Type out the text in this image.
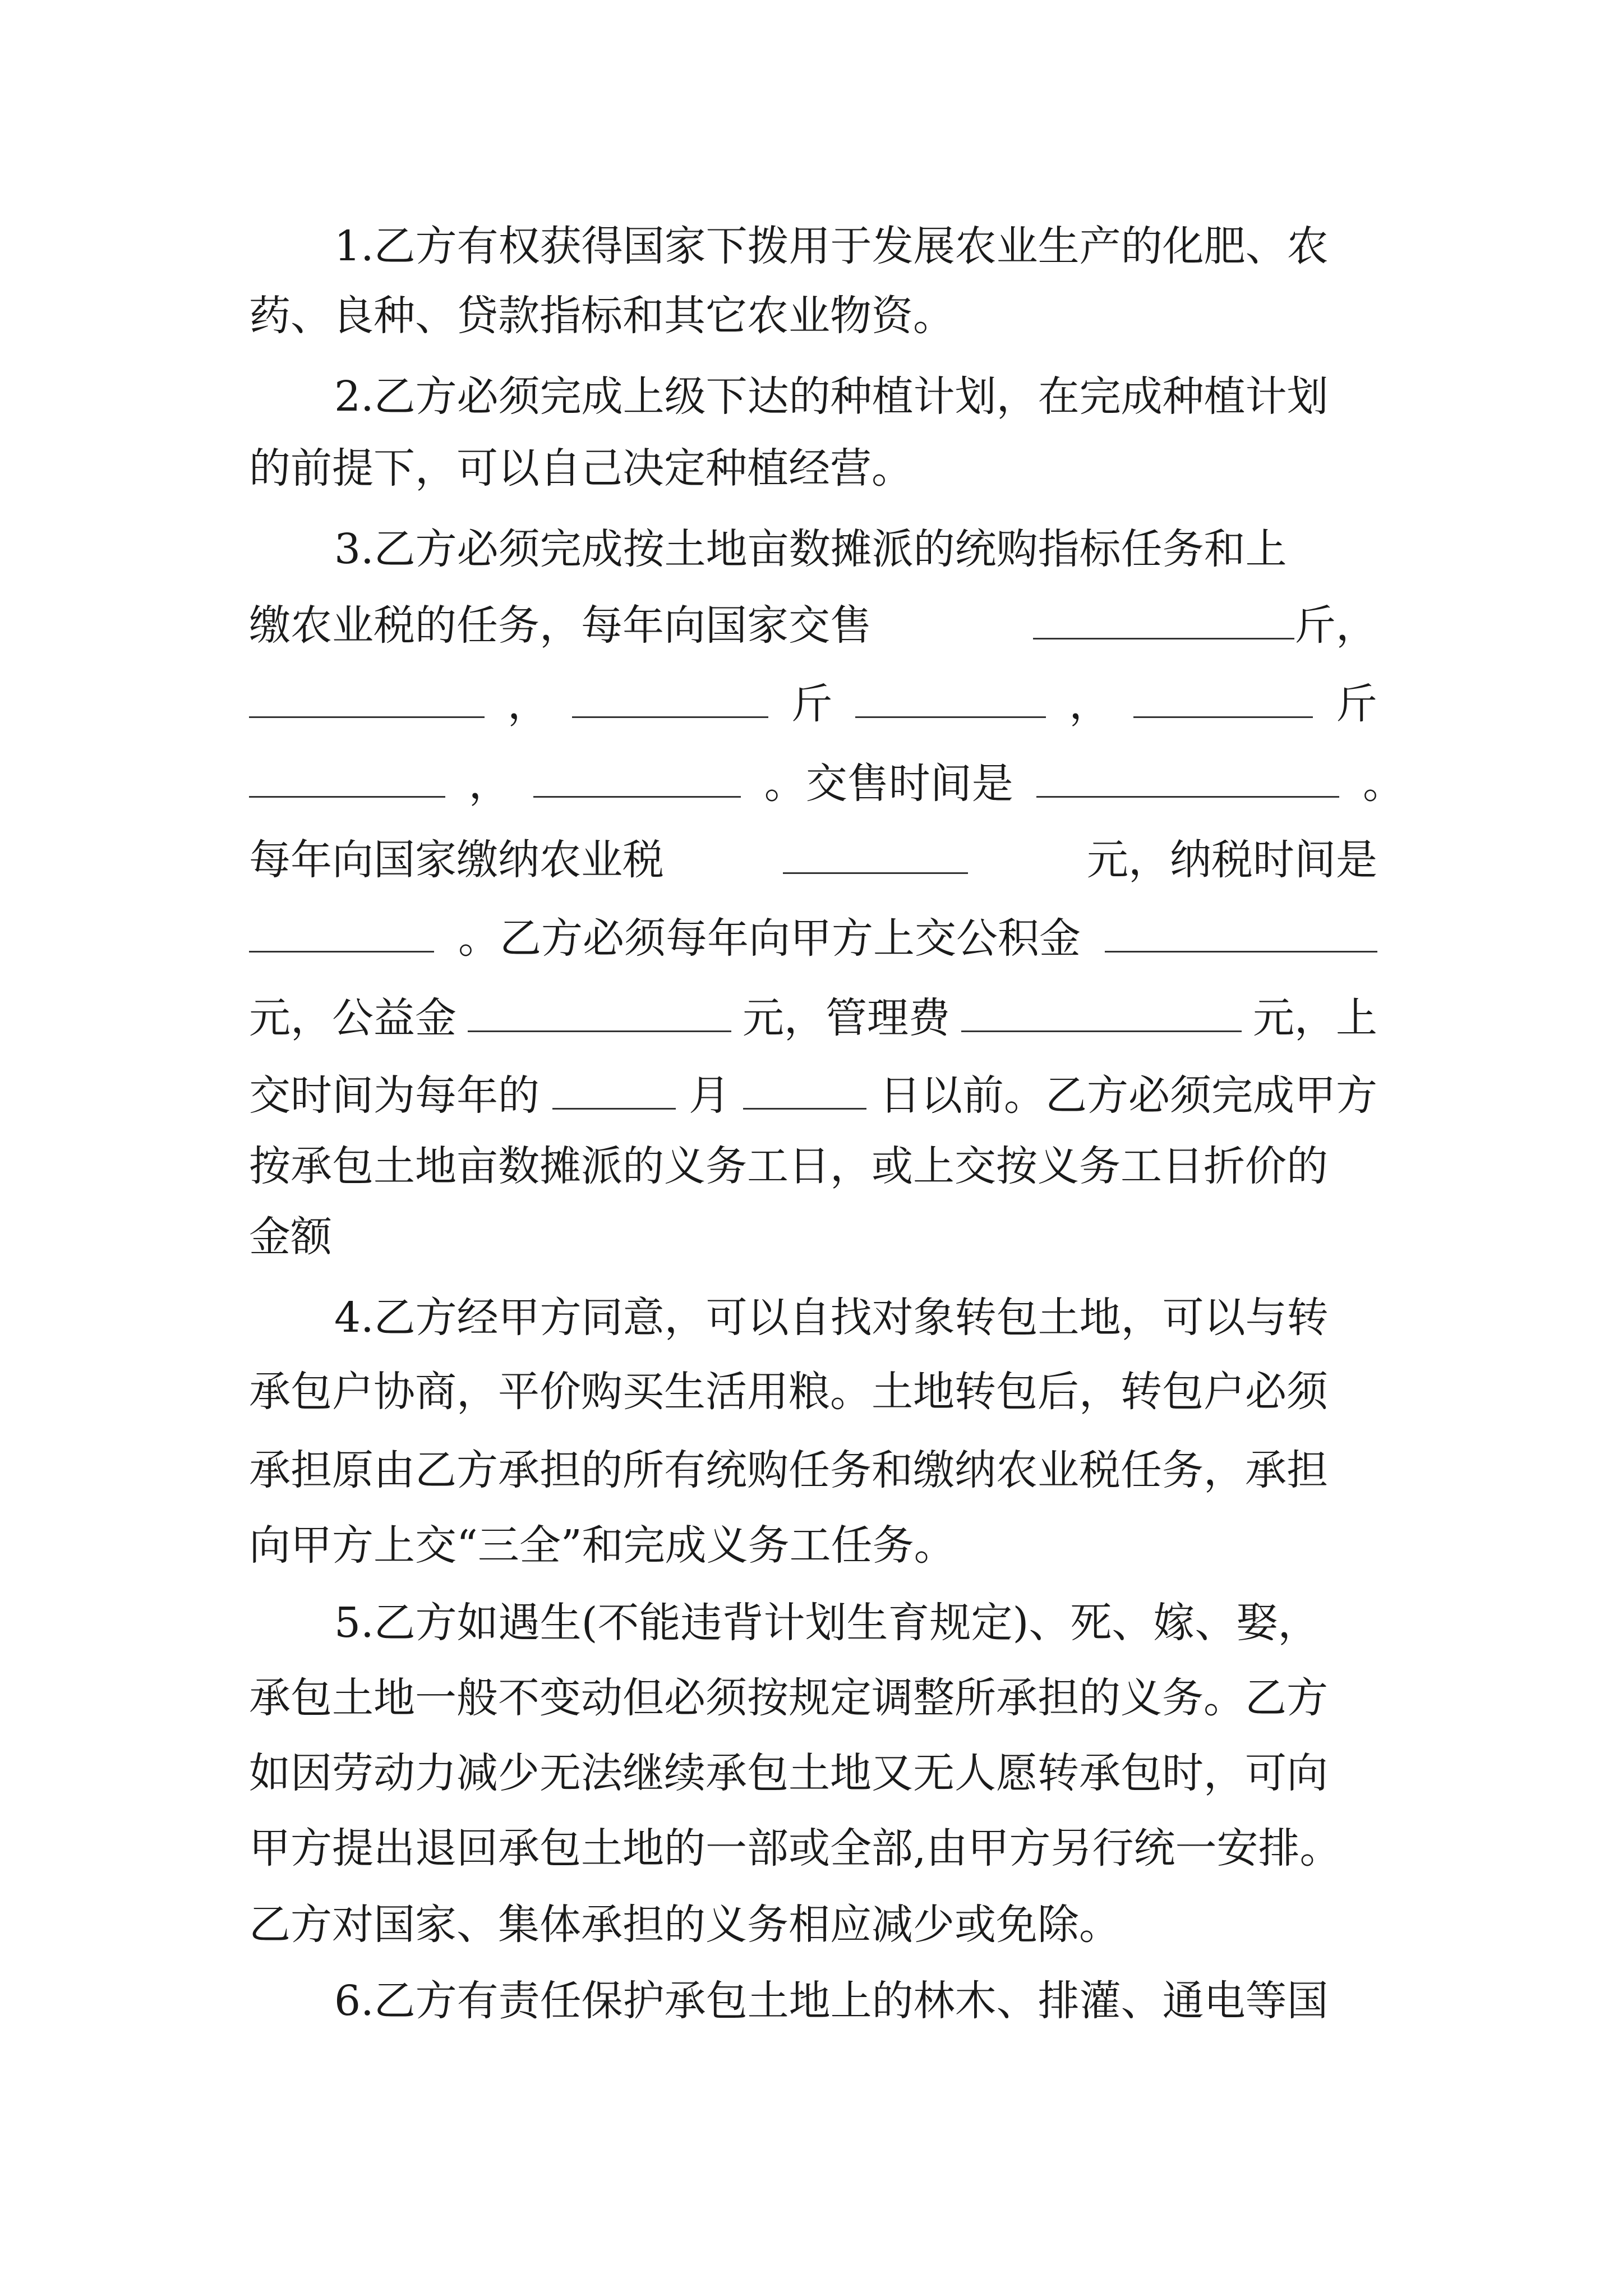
1.乙方有权获得国家下拨用于发展农业生产的化肥、农
药、良种、贷款指标和其它农业物资。
2.乙方必须完成上级下达的种植计划，在完成种植计划
的前提下，可以自己决定种植经营。
3.乙方必须完成按土地亩数摊派的统购指标任务和上
缴农业税的任务，每年向国家交售	斤，
，	斤	，	斤
，	。交售时间是	。
每年向国家缴纳农业税	元，纳税时间是
。乙方必须每年向甲方上交公积金
元，公益金	元，管理费	元，上
交时间为每年的	月	日以前。乙方必须完成甲方
按承包土地亩数摊派的义务工日，或上交按义务工日折价的
金额
4.乙方经甲方同意，可以自找对象转包土地，可以与转
承包户协商，平价购买生活用粮。土地转包后，转包户必须
承担原由乙方承担的所有统购任务和缴纳农业税任务，承担
向甲方上交“三全”和完成义务工任务。
5.乙方如遇生(不能违背计划生育规定)、死、嫁、娶，
承包土地一般不变动但必须按规定调整所承担的义务。乙方
如因劳动力减少无法继续承包土地又无人愿转承包时，可向
甲方提出退回承包土地的一部或全部,由甲方另行统一安排。
乙方对国家、集体承担的义务相应减少或免除。
6.乙方有责任保护承包土地上的林木、排灌、通电等国
